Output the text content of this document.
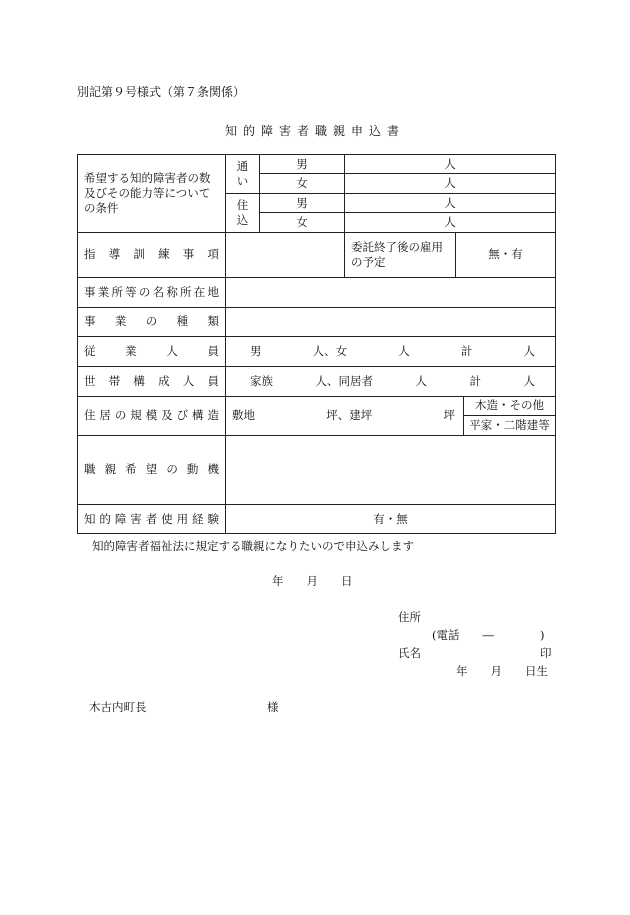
別記第９号様式（第７条関係）
知的障害者職親申込書
希望する知的障害者の数及びその能力等についての条件	通い	男	人		
		女	人		
	住込	男	人		
		女	人		
指導訓練事項			委託終了後の雇用の予定	無・有	
事業所等の名称所在地					
事業の種類					
従業人員	男 人、女 人 計 人				

世帯構成人員	家族 人、同居者 人 計 人				

住居の規模及び構造	敷地 坪、建坪 坪				木造・その他
					平家・二階建等
職親希望の動機					
知的障害者使用経験	有・無				
知的障害者福祉法に規定する職親になりたいので申込みします
年　　月　　日
住所
(電話　　―　　　　)
氏名	印
年　　月　　日生
木古内町長	様
